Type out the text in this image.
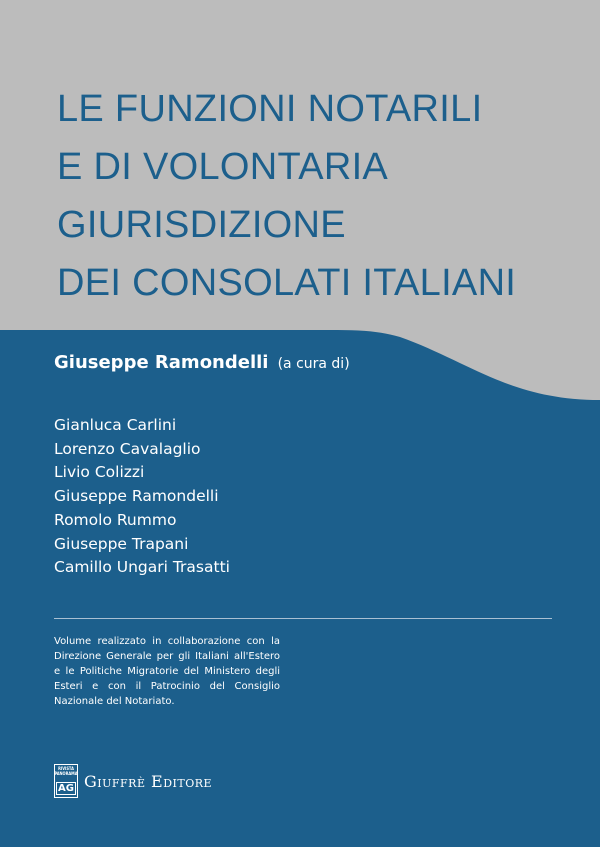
LE FUNZIONI NOTARILI
E DI VOLONTARIA
GIURISDIZIONE
DEI CONSOLATI ITALIANI
Giuseppe Ramondelli (a cura di)
Gianluca Carlini
Lorenzo Cavalaglio
Livio Colizzi
Giuseppe Ramondelli
Romolo Rummo
Giuseppe Trapani
Camillo Ungari Trasatti

Volume realizzato in collaborazione con la Direzione Generale per gli Italiani all'Estero e le Politiche Migratorie del Ministero degli Esteri e con il Patrocinio del Consiglio Nazionale del Notariato.

RIVISTA
PANORAMA
AG Giuffrè Editore
